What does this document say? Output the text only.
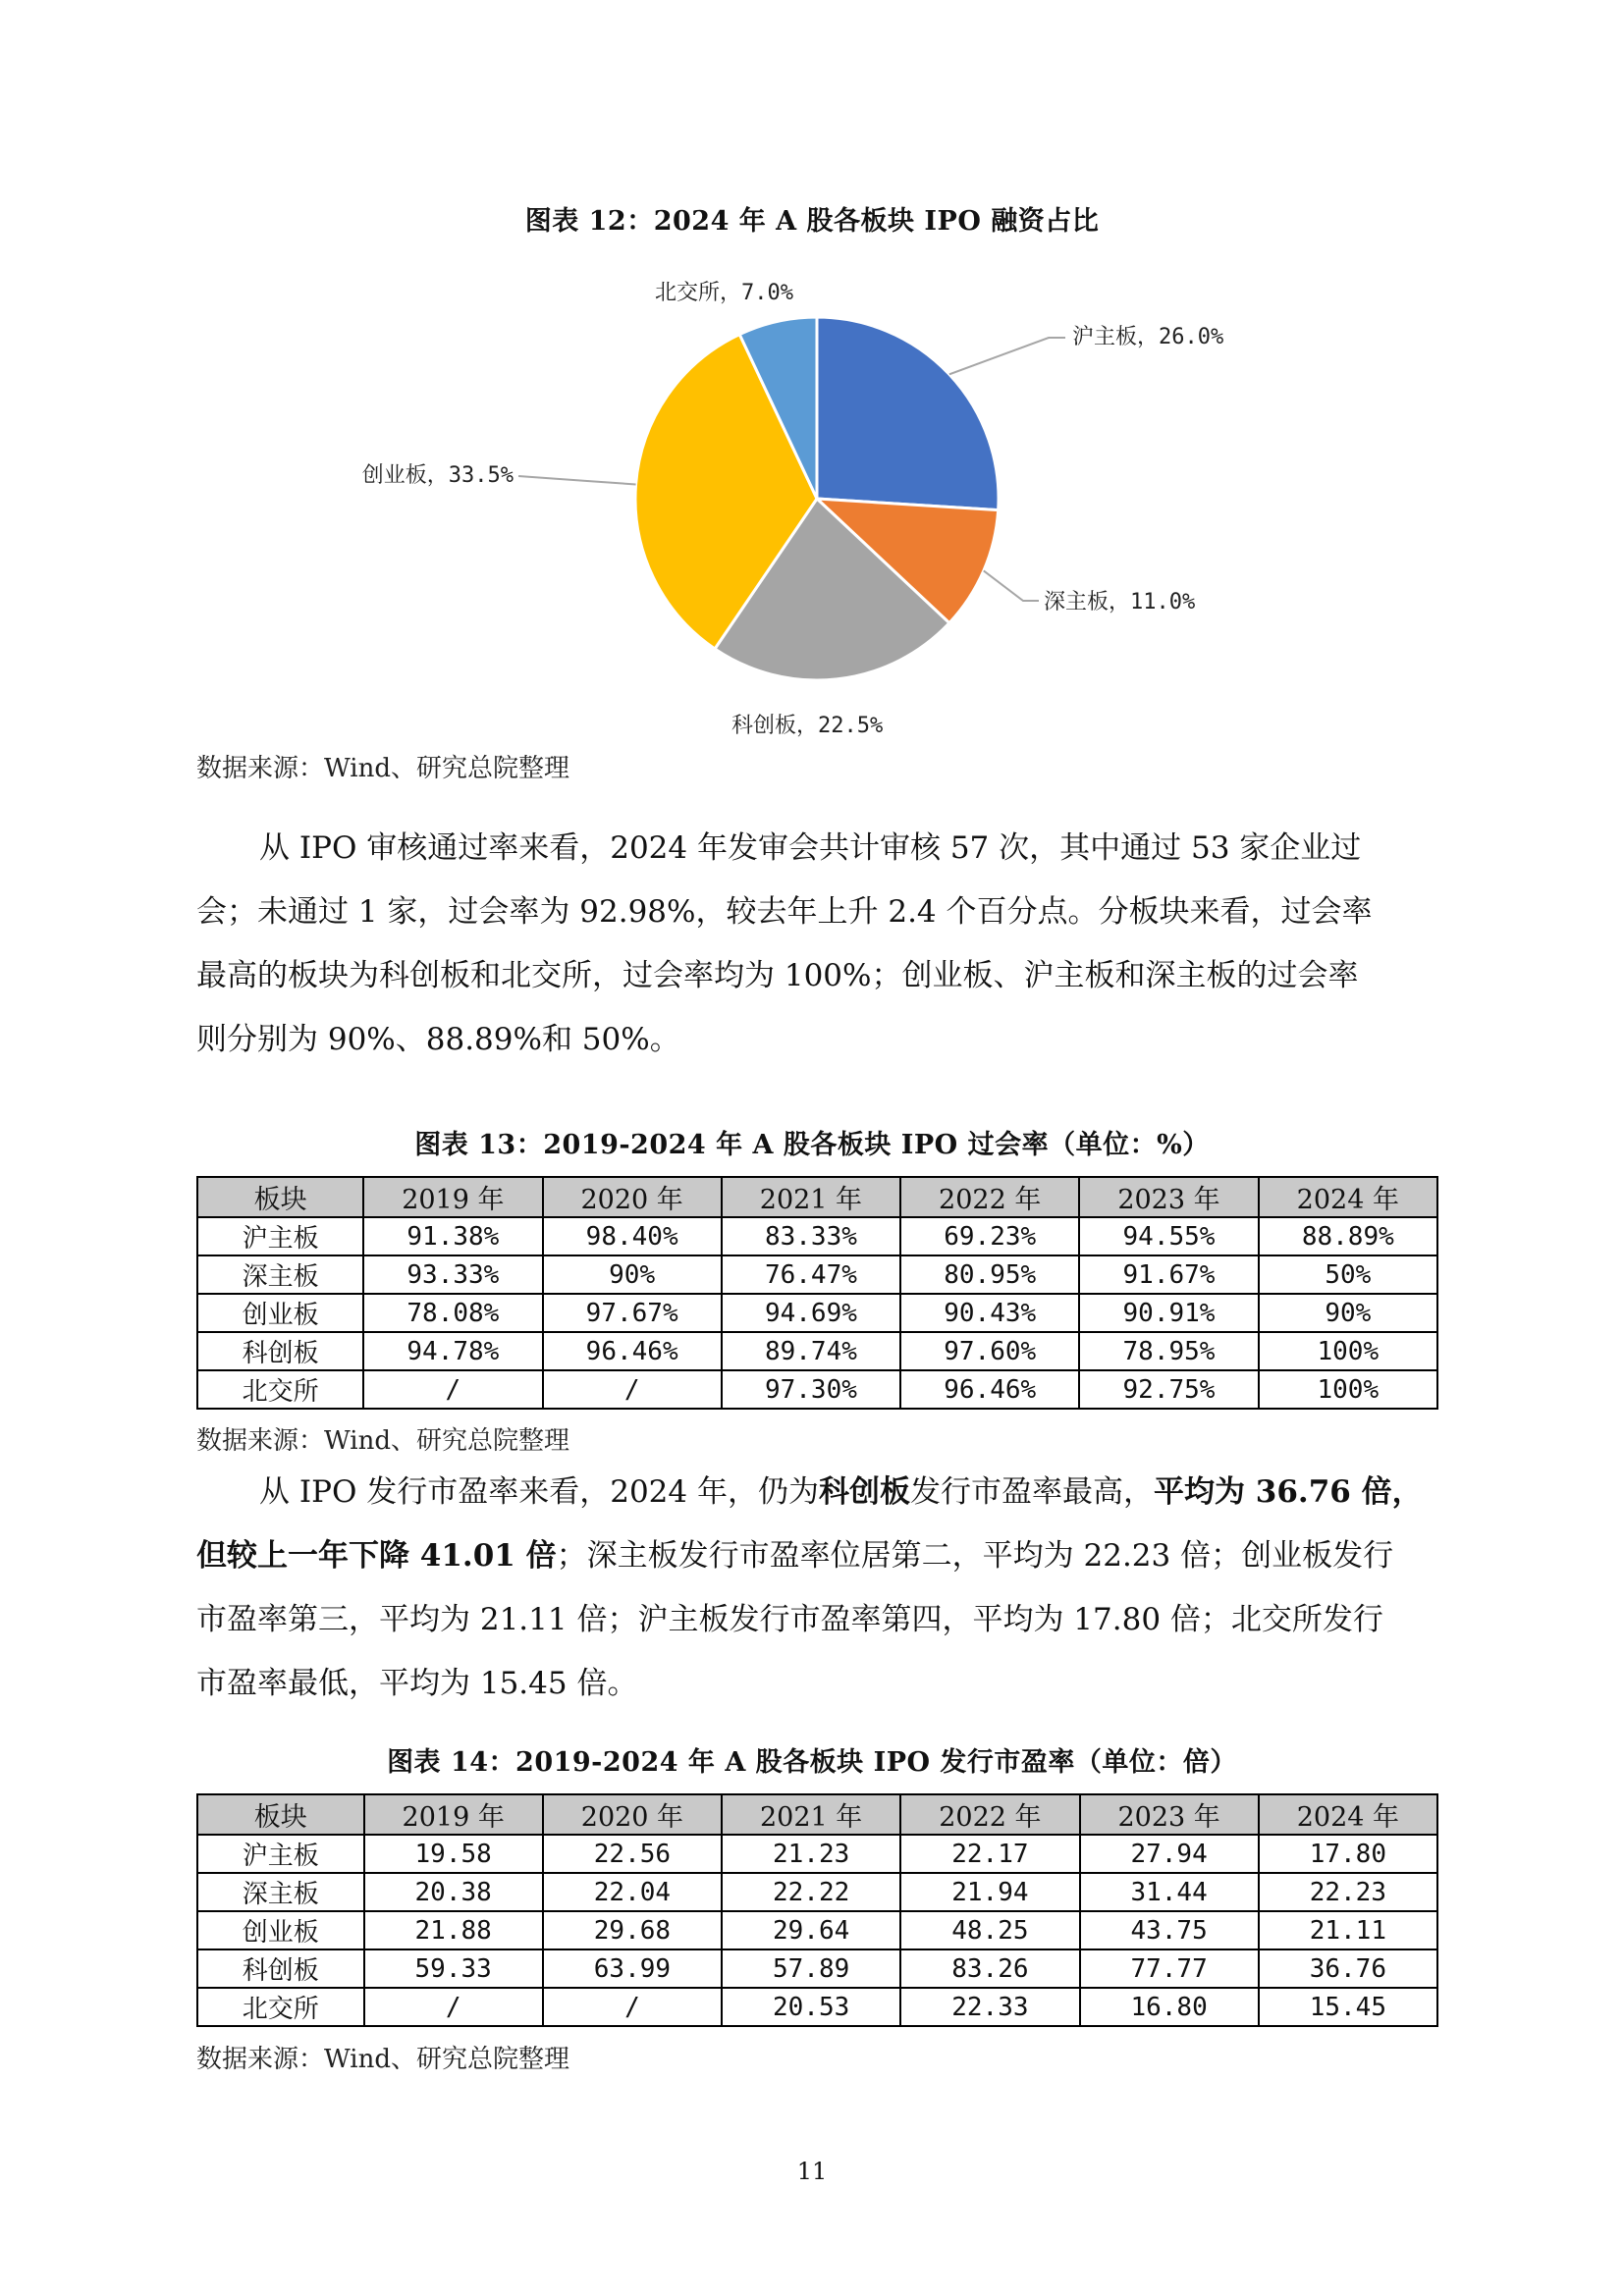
图表 12：2024 年 A 股各板块 IPO 融资占比
沪主板，26.0%
深主板，11.0%
科创板，22.5%
创业板，33.5%
北交所，7.0%
数据来源：Wind、研究总院整理
从 IPO 审核通过率来看，2024 年发审会共计审核 57 次，其中通过 53 家企业过
会；未通过 1 家，过会率为 92.98%，较去年上升 2.4 个百分点。分板块来看，过会率
最高的板块为科创板和北交所，过会率均为 100%；创业板、沪主板和深主板的过会率
则分别为 90%、88.89%和 50%。
图表 13：2019-2024 年 A 股各板块 IPO 过会率（单位：%）
板块	2019 年	2020 年	2021 年	2022 年	2023 年	2024 年
沪主板	91.38%	98.40%	83.33%	69.23%	94.55%	88.89%
深主板	93.33%	90%	76.47%	80.95%	91.67%	50%
创业板	78.08%	97.67%	94.69%	90.43%	90.91%	90%
科创板	94.78%	96.46%	89.74%	97.60%	78.95%	100%
北交所	/	/	97.30%	96.46%	92.75%	100%
数据来源：Wind、研究总院整理
从 IPO 发行市盈率来看，2024 年，仍为科创板发行市盈率最高，平均为 36.76 倍，
但较上一年下降 41.01 倍；深主板发行市盈率位居第二，平均为 22.23 倍；创业板发行
市盈率第三，平均为 21.11 倍；沪主板发行市盈率第四，平均为 17.80 倍；北交所发行
市盈率最低，平均为 15.45 倍。
图表 14：2019-2024 年 A 股各板块 IPO 发行市盈率（单位：倍）
板块	2019 年	2020 年	2021 年	2022 年	2023 年	2024 年
沪主板	19.58	22.56	21.23	22.17	27.94	17.80
深主板	20.38	22.04	22.22	21.94	31.44	22.23
创业板	21.88	29.68	29.64	48.25	43.75	21.11
科创板	59.33	63.99	57.89	83.26	77.77	36.76
北交所	/	/	20.53	22.33	16.80	15.45
数据来源：Wind、研究总院整理
11
